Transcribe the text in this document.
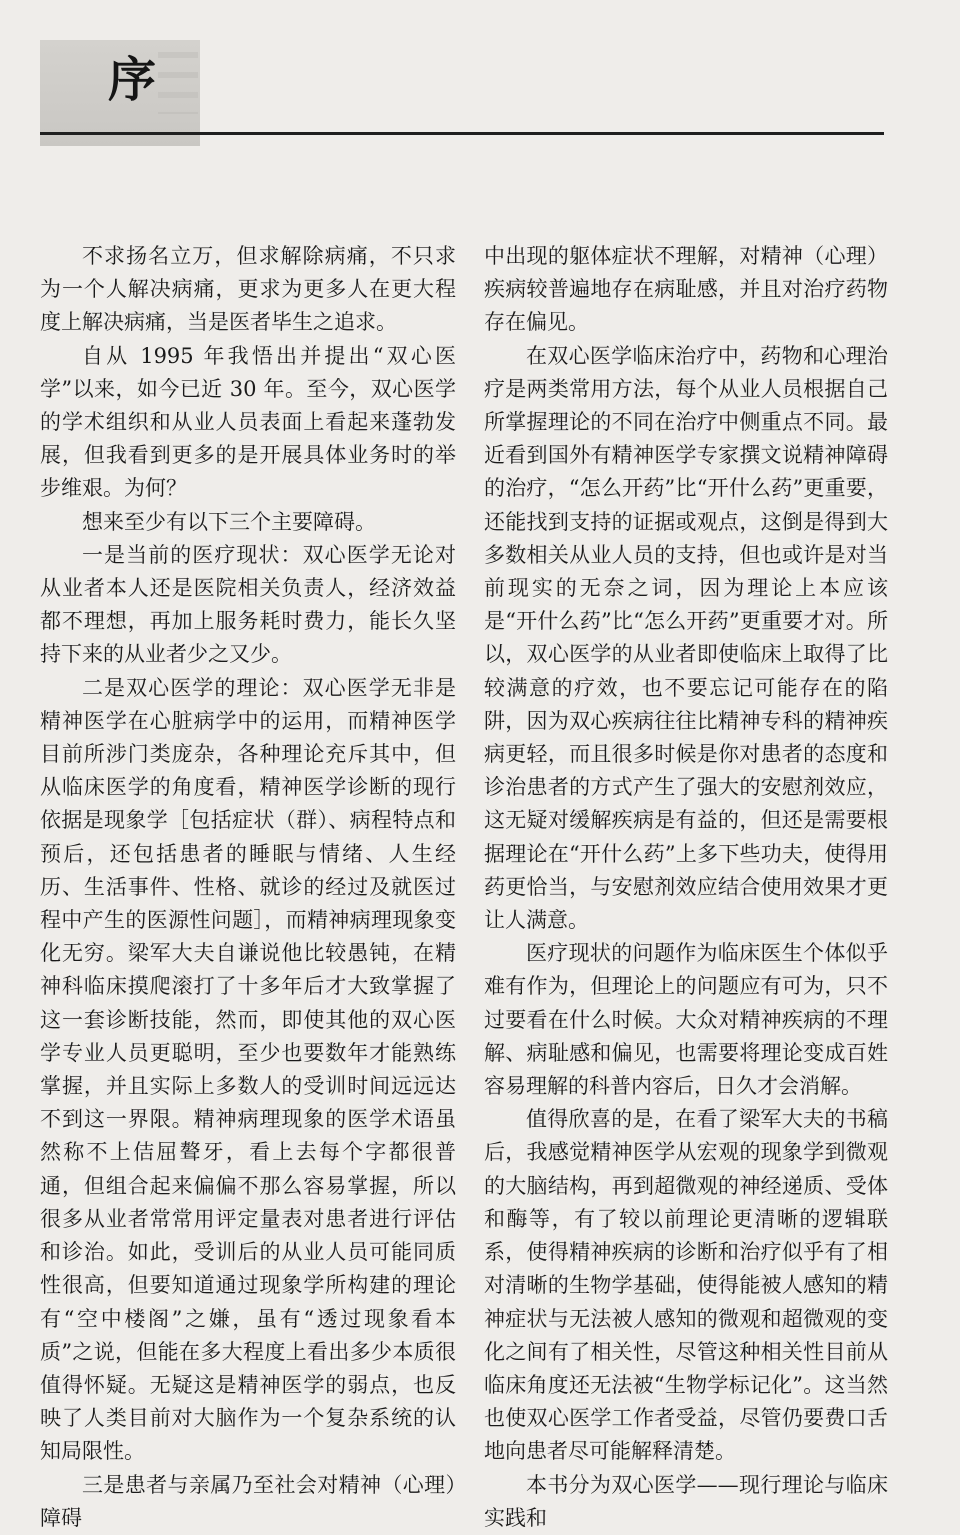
序

不求扬名立万，但求解除病痛，不只求为一个人解决病痛，更求为更多人在更大程度上解决病痛，当是医者毕生之追求。

自从 1995 年我悟出并提出“双心医学”以来，如今已近 30 年。至今，双心医学的学术组织和从业人员表面上看起来蓬勃发展，但我看到更多的是开展具体业务时的举步维艰。为何？

想来至少有以下三个主要障碍。

一是当前的医疗现状：双心医学无论对从业者本人还是医院相关负责人，经济效益都不理想，再加上服务耗时费力，能长久坚持下来的从业者少之又少。

二是双心医学的理论：双心医学无非是精神医学在心脏病学中的运用，而精神医学目前所涉门类庞杂，各种理论充斥其中，但从临床医学的角度看，精神医学诊断的现行依据是现象学［包括症状（群）、病程特点和预后，还包括患者的睡眠与情绪、人生经历、生活事件、性格、就诊的经过及就医过程中产生的医源性问题］，而精神病理现象变化无穷。梁军大夫自谦说他比较愚钝，在精神科临床摸爬滚打了十多年后才大致掌握了这一套诊断技能，然而，即使其他的双心医学专业人员更聪明，至少也要数年才能熟练掌握，并且实际上多数人的受训时间远远达不到这一界限。精神病理现象的医学术语虽然称不上佶屈聱牙，看上去每个字都很普通，但组合起来偏偏不那么容易掌握，所以很多从业者常常用评定量表对患者进行评估和诊治。如此，受训后的从业人员可能同质性很高，但要知道通过现象学所构建的理论有“空中楼阁”之嫌，虽有“透过现象看本质”之说，但能在多大程度上看出多少本质很值得怀疑。无疑这是精神医学的弱点，也反映了人类目前对大脑作为一个复杂系统的认知局限性。

三是患者与亲属乃至社会对精神（心理）障碍

中出现的躯体症状不理解，对精神（心理）疾病较普遍地存在病耻感，并且对治疗药物存在偏见。

在双心医学临床治疗中，药物和心理治疗是两类常用方法，每个从业人员根据自己所掌握理论的不同在治疗中侧重点不同。最近看到国外有精神医学专家撰文说精神障碍的治疗，“怎么开药”比“开什么药”更重要，还能找到支持的证据或观点，这倒是得到大多数相关从业人员的支持，但也或许是对当前现实的无奈之词，因为理论上本应该是“开什么药”比“怎么开药”更重要才对。所以，双心医学的从业者即使临床上取得了比较满意的疗效，也不要忘记可能存在的陷阱，因为双心疾病往往比精神专科的精神疾病更轻，而且很多时候是你对患者的态度和诊治患者的方式产生了强大的安慰剂效应，这无疑对缓解疾病是有益的，但还是需要根据理论在“开什么药”上多下些功夫，使得用药更恰当，与安慰剂效应结合使用效果才更让人满意。

医疗现状的问题作为临床医生个体似乎难有作为，但理论上的问题应有可为，只不过要看在什么时候。大众对精神疾病的不理解、病耻感和偏见，也需要将理论变成百姓容易理解的科普内容后，日久才会消解。

值得欣喜的是，在看了梁军大夫的书稿后，我感觉精神医学从宏观的现象学到微观的大脑结构，再到超微观的神经递质、受体和酶等，有了较以前理论更清晰的逻辑联系，使得精神疾病的诊断和治疗似乎有了相对清晰的生物学基础，使得能被人感知的精神症状与无法被人感知的微观和超微观的变化之间有了相关性，尽管这种相关性目前从临床角度还无法被“生物学标记化”。这当然也使双心医学工作者受益，尽管仍要费口舌地向患者尽可能解释清楚。

本书分为双心医学——现行理论与临床实践和
